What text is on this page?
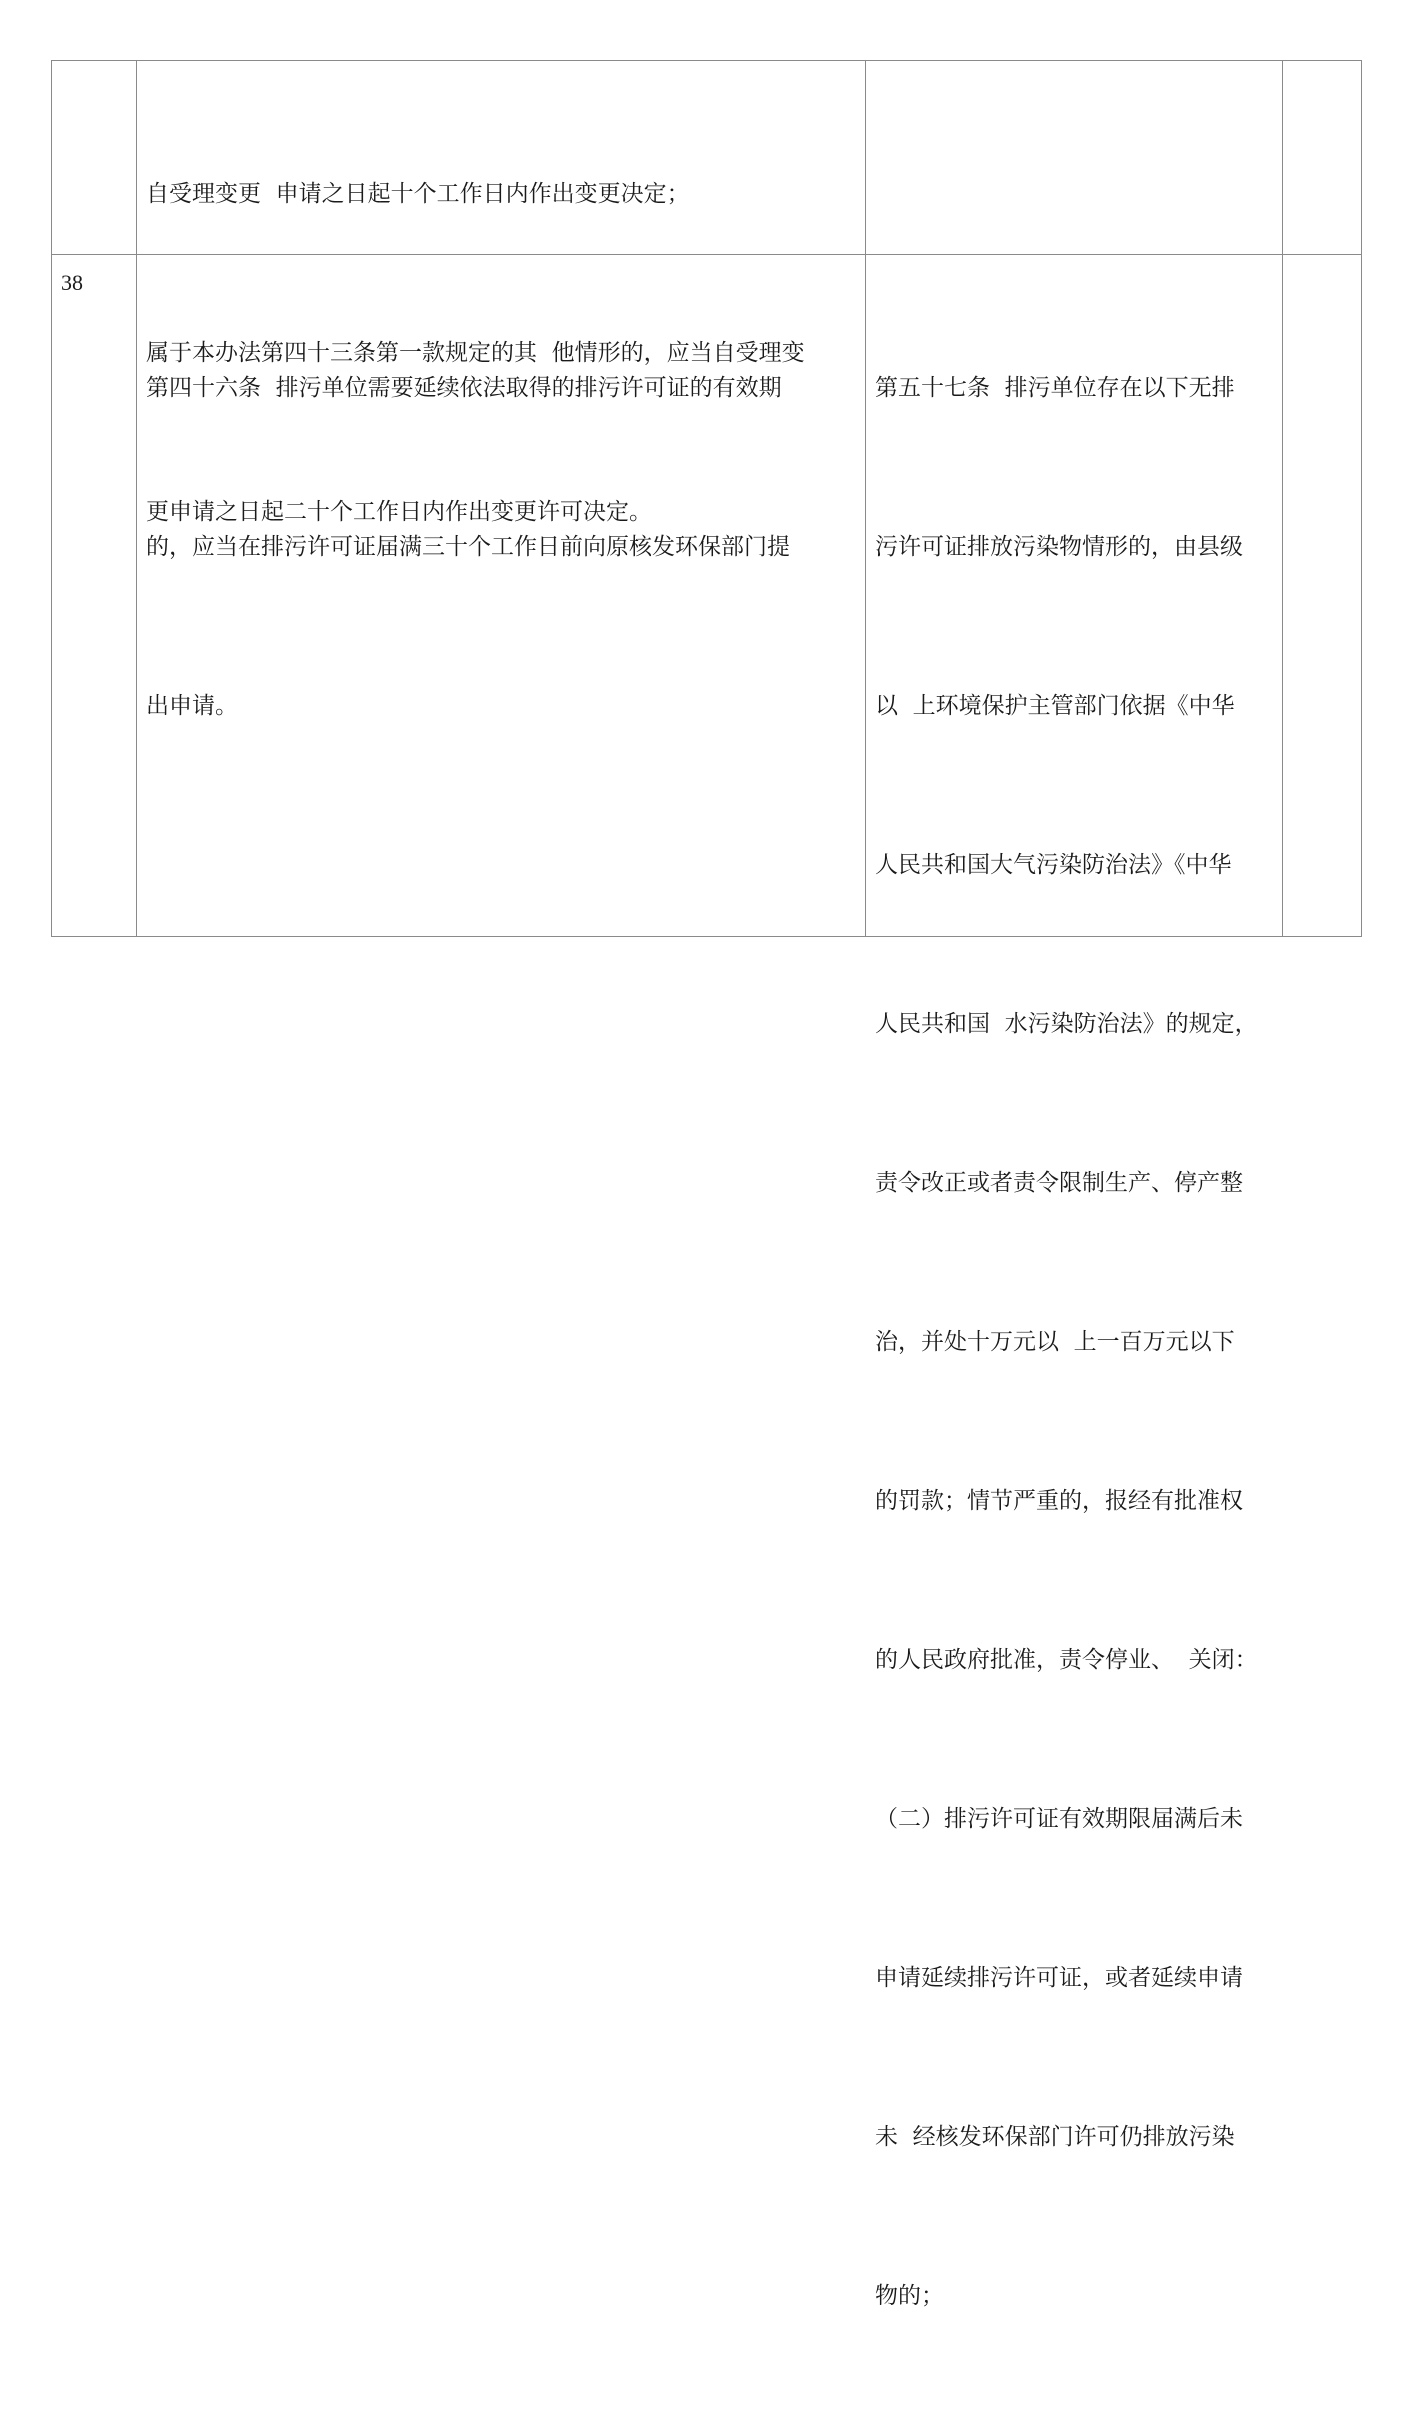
自受理变更  申请之日起十个工作日内作出变更决定；

属于本办法第四十三条第一款规定的其  他情形的，应当自受理变

更申请之日起二十个工作日内作出变更许可决定。

38

第四十六条  排污单位需要延续依法取得的排污许可证的有效期

的，应当在排污许可证届满三十个工作日前向原核发环保部门提

出申请。

第五十七条  排污单位存在以下无排

污许可证排放污染物情形的，由县级

以  上环境保护主管部门依据《中华

人民共和国大气污染防治法》《中华

人民共和国  水污染防治法》的规定，

责令改正或者责令限制生产、停产整

治，并处十万元以  上一百万元以下

的罚款；情节严重的，报经有批准权

的人民政府批准，责令停业、  关闭：

（二）排污许可证有效期限届满后未

申请延续排污许可证，或者延续申请

未  经核发环保部门许可仍排放污染

物的；
